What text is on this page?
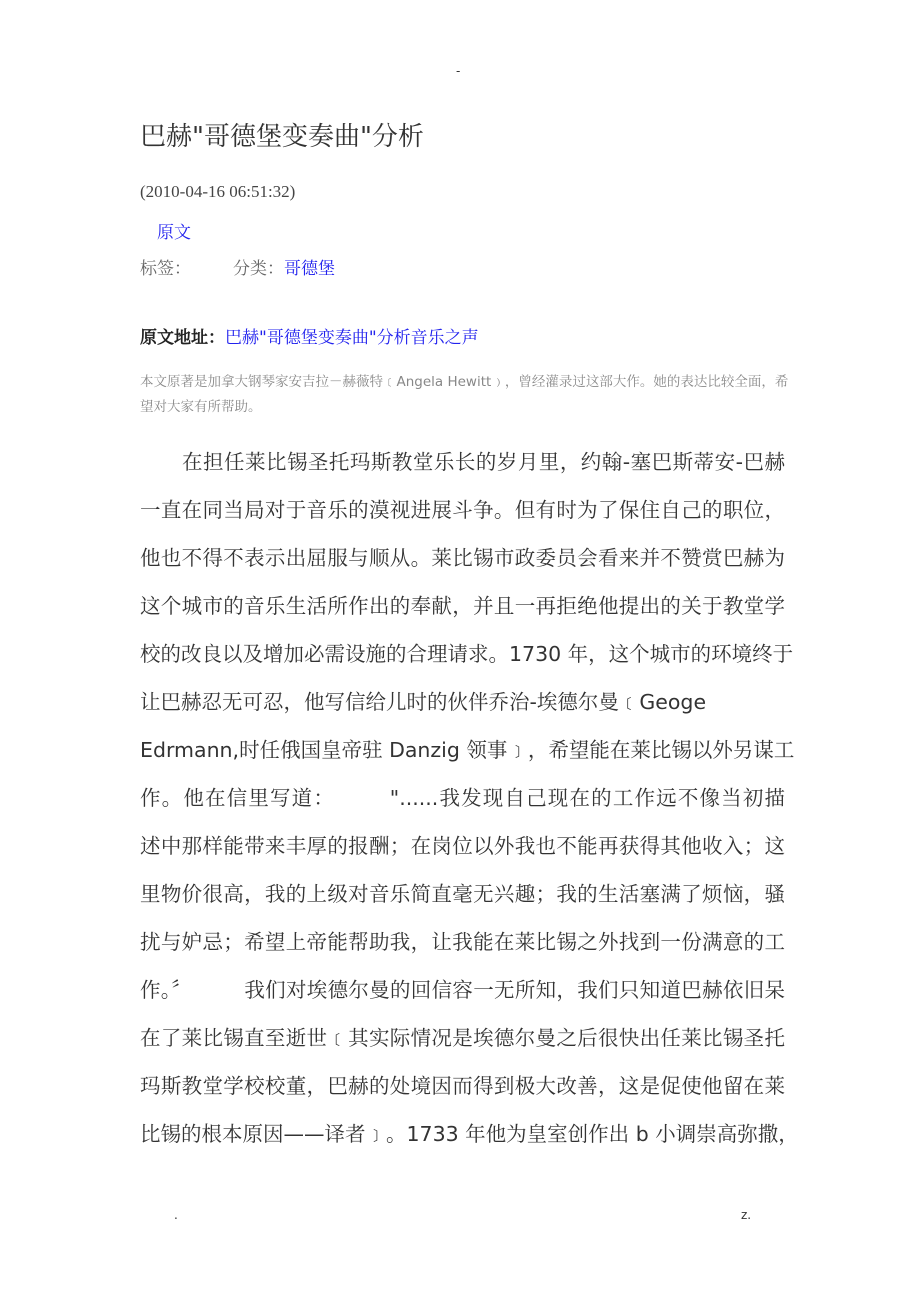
-
巴赫"哥德堡变奏曲"分析
(2010-04-16 06:51:32)
原文
标签： 分类：哥德堡
原文地址：巴赫"哥德堡变奏曲"分析音乐之声
本文原著是加拿大钢琴家安吉拉－赫薇特﹝Angela Hewitt﹚，曾经灌录过这部大作。她的表达比较全面，希望对大家有所帮助。
在担任莱比锡圣托玛斯教堂乐长的岁月里，约翰-塞巴斯蒂安-巴赫
一直在同当局对于音乐的漠视进展斗争。但有时为了保住自己的职位，
他也不得不表示出屈服与顺从。莱比锡市政委员会看来并不赞赏巴赫为
这个城市的音乐生活所作出的奉献，并且一再拒绝他提出的关于教堂学
校的改良以及增加必需设施的合理请求。1730 年，这个城市的环境终于
让巴赫忍无可忍，他写信给儿时的伙伴乔治-埃德尔曼﹝Geoge
Edrmann,时任俄国皇帝驻 Danzig 领事﹞，希望能在莱比锡以外另谋工
作。他在信里写道：　　　"......我发现自己现在的工作远不像当初描
述中那样能带来丰厚的报酬；在岗位以外我也不能再获得其他收入；这
里物价很高，我的上级对音乐简直毫无兴趣；我的生活塞满了烦恼，骚
扰与妒忌；希望上帝能帮助我，让我能在莱比锡之外找到一份满意的工
作。〞　　　我们对埃德尔曼的回信容一无所知，我们只知道巴赫依旧呆
在了莱比锡直至逝世﹝其实际情况是埃德尔曼之后很快出任莱比锡圣托
玛斯教堂学校校董，巴赫的处境因而得到极大改善，这是促使他留在莱
比锡的根本原因——译者﹞。1733 年他为皇室创作出 b 小调崇高弥撒，
.	z.
